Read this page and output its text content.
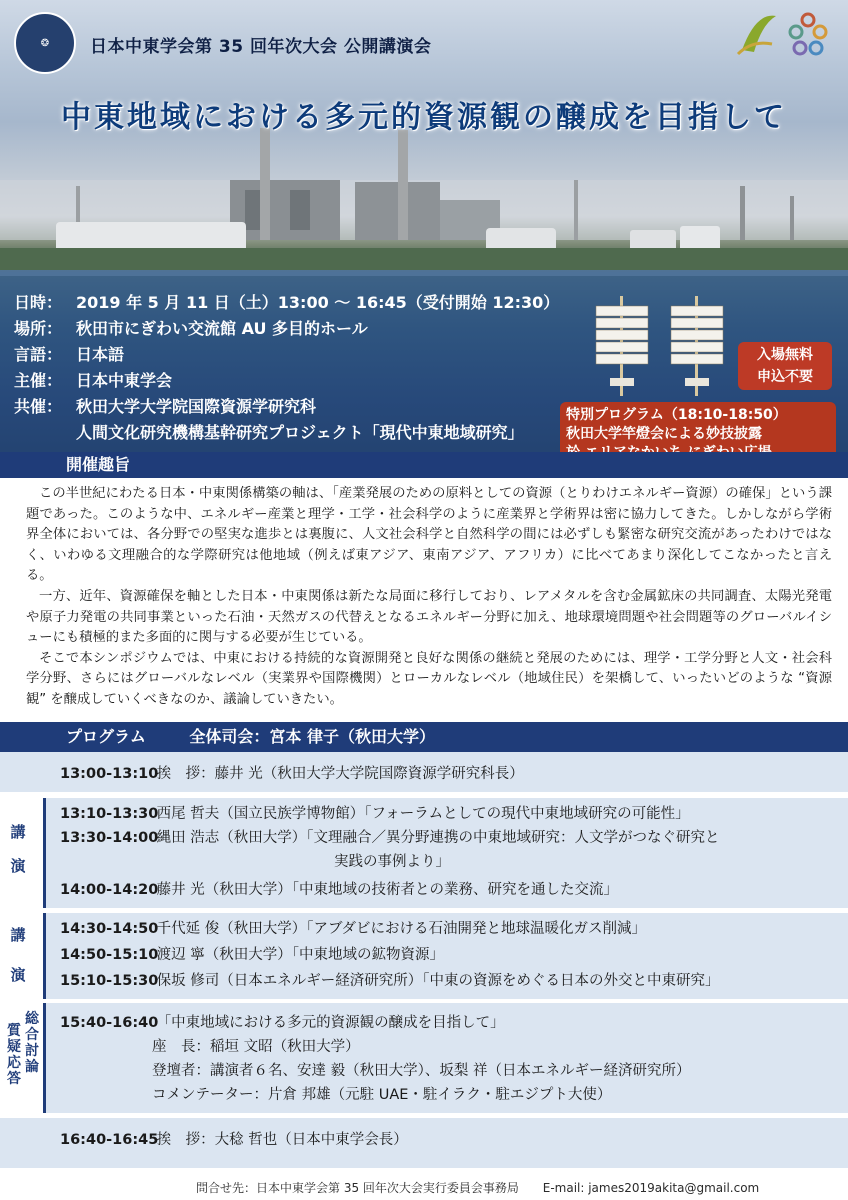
❂ 日本中東学会第 35 回年次大会 公開講演会
中東地域における多元的資源観の醸成を目指して
日時： 2019 年 5 月 11 日（土）13:00 〜 16:45（受付開始 12:30）
場所： 秋田市にぎわい交流館 AU 多目的ホール
言語： 日本語
主催： 日本中東学会
共催： 秋田大学大学院国際資源学研究科
人間文化研究機構基幹研究プロジェクト「現代中東地域研究」
入場無料
申込不要
特別プログラム（18:10-18:50）
秋田大学竿燈会による妙技披露
開催趣旨

この半世紀にわたる日本・中東関係構築の軸は、「産業発展のための原料としての資源（とりわけエネルギー資源）の確保」という課題であった。このような中、エネルギー産業と理学・工学・社会科学のように産業界と学術界は密に協力してきた。しかしながら学術界全体においては、各分野での堅実な進歩とは裏腹に、人文社会科学と自然科学の間には必ずしも緊密な研究交流があったわけではなく、いわゆる文理融合的な学際研究は他地域（例えば東アジア、東南アジア、アフリカ）に比べてあまり深化してこなかったと言える。

一方、近年、資源確保を軸とした日本・中東関係は新たな局面に移行しており、レアメタルを含む金属鉱床の共同調査、太陽光発電や原子力発電の共同事業といった石油・天然ガスの代替えとなるエネルギー分野に加え、地球環境問題や社会問題等のグローバルイシューにも積極的また多面的に関与する必要が生じている。

そこで本シンポジウムでは、中東における持続的な資源開発と良好な関係の継続と発展のためには、理学・工学分野と人文・社会科学分野、さらにはグローバルなレベル（実業界や国際機関）とローカルなレベル（地域住民）を架橋して、いったいどのような “資源観” を醸成していくべきなのか、議論していきたい。

プログラム	全体司会：宮本 律子（秋田大学）
13:00-13:10 挨　拶：藤井 光（秋田大学大学院国際資源学研究科長）
講
演
13:10-13:30 西尾 哲夫（国立民族学博物館）「フォーラムとしての現代中東地域研究の可能性」
13:30-14:00 縄田 浩志（秋田大学）「文理融合／異分野連携の中東地域研究：人文学がつなぐ研究と
実践の事例より」
14:00-14:20 藤井 光（秋田大学）「中東地域の技術者との業務、研究を通した交流」
講
演
14:30-14:50 千代延 俊（秋田大学）「アブダビにおける石油開発と地球温暖化ガス削減」
14:50-15:10 渡辺 寧（秋田大学）「中東地域の鉱物資源」
15:10-15:30 保坂 修司（日本エネルギー経済研究所）「中東の資源をめぐる日本の外交と中東研究」
総
合
討
論
質
疑
応
答
15:40-16:40 「中東地域における多元的資源観の醸成を目指して」
座　長：稲垣 文昭（秋田大学）
登壇者：講演者６名、安達 毅（秋田大学）、坂梨 祥（日本エネルギー経済研究所）
コメンテーター：片倉 邦雄（元駐 UAE・駐イラク・駐エジプト大使）
16:40-16:45 挨　拶：大稔 哲也（日本中東学会長）
問合せ先：日本中東学会第 35 回年次大会実行委員会事務局 E-mail: james2019akita@gmail.com
